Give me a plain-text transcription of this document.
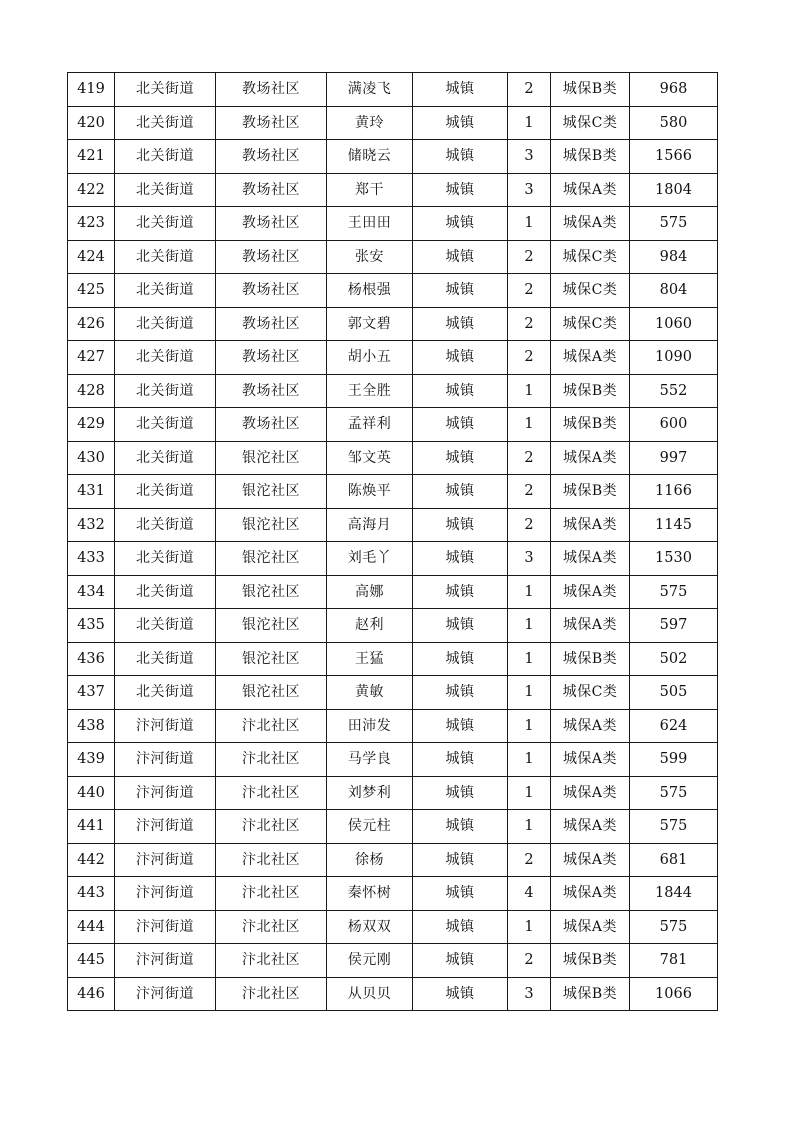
419	北关街道	教场社区	满凌飞	城镇	2	城保B类	968
420	北关街道	教场社区	黄玲	城镇	1	城保C类	580
421	北关街道	教场社区	储晓云	城镇	3	城保B类	1566
422	北关街道	教场社区	郑干	城镇	3	城保A类	1804
423	北关街道	教场社区	王田田	城镇	1	城保A类	575
424	北关街道	教场社区	张安	城镇	2	城保C类	984
425	北关街道	教场社区	杨根强	城镇	2	城保C类	804
426	北关街道	教场社区	郭文碧	城镇	2	城保C类	1060
427	北关街道	教场社区	胡小五	城镇	2	城保A类	1090
428	北关街道	教场社区	王全胜	城镇	1	城保B类	552
429	北关街道	教场社区	孟祥利	城镇	1	城保B类	600
430	北关街道	银沱社区	邹文英	城镇	2	城保A类	997
431	北关街道	银沱社区	陈焕平	城镇	2	城保B类	1166
432	北关街道	银沱社区	高海月	城镇	2	城保A类	1145
433	北关街道	银沱社区	刘毛丫	城镇	3	城保A类	1530
434	北关街道	银沱社区	高娜	城镇	1	城保A类	575
435	北关街道	银沱社区	赵利	城镇	1	城保A类	597
436	北关街道	银沱社区	王猛	城镇	1	城保B类	502
437	北关街道	银沱社区	黄敏	城镇	1	城保C类	505
438	汴河街道	汴北社区	田沛发	城镇	1	城保A类	624
439	汴河街道	汴北社区	马学良	城镇	1	城保A类	599
440	汴河街道	汴北社区	刘梦利	城镇	1	城保A类	575
441	汴河街道	汴北社区	侯元柱	城镇	1	城保A类	575
442	汴河街道	汴北社区	徐杨	城镇	2	城保A类	681
443	汴河街道	汴北社区	秦怀树	城镇	4	城保A类	1844
444	汴河街道	汴北社区	杨双双	城镇	1	城保A类	575
445	汴河街道	汴北社区	侯元刚	城镇	2	城保B类	781
446	汴河街道	汴北社区	从贝贝	城镇	3	城保B类	1066
